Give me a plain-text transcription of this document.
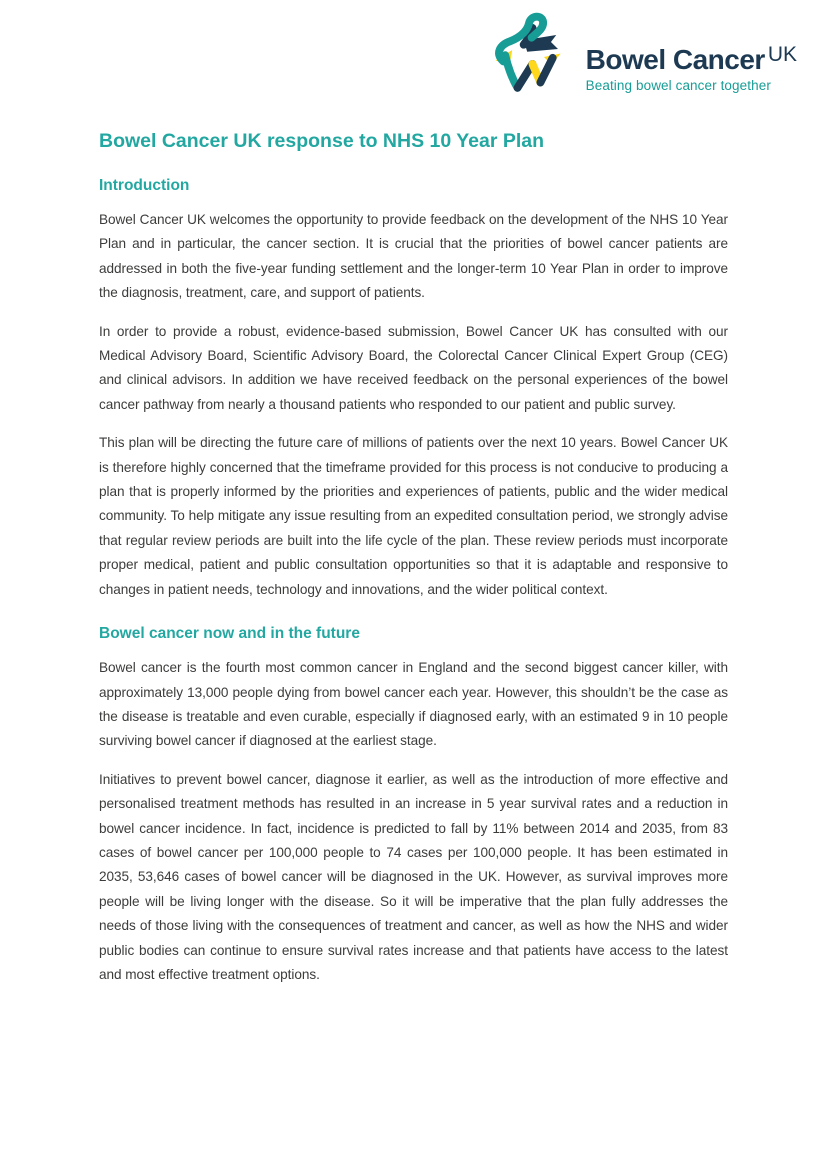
Bowel Cancer UK
Beating bowel cancer together
Bowel Cancer UK response to NHS 10 Year Plan
Introduction

Bowel Cancer UK welcomes the opportunity to provide feedback on the development of the NHS 10 Year Plan and in particular, the cancer section. It is crucial that the priorities of bowel cancer patients are addressed in both the five-year funding settlement and the longer-term 10 Year Plan in order to improve the diagnosis, treatment, care, and support of patients.

In order to provide a robust, evidence-based submission, Bowel Cancer UK has consulted with our Medical Advisory Board, Scientific Advisory Board, the Colorectal Cancer Clinical Expert Group (CEG) and clinical advisors. In addition we have received feedback on the personal experiences of the bowel cancer pathway from nearly a thousand patients who responded to our patient and public survey.

This plan will be directing the future care of millions of patients over the next 10 years. Bowel Cancer UK is therefore highly concerned that the timeframe provided for this process is not conducive to producing a plan that is properly informed by the priorities and experiences of patients, public and the wider medical community. To help mitigate any issue resulting from an expedited consultation period, we strongly advise that regular review periods are built into the life cycle of the plan. These review periods must incorporate proper medical, patient and public consultation opportunities so that it is adaptable and responsive to changes in patient needs, technology and innovations, and the wider political context.

Bowel cancer now and in the future

Bowel cancer is the fourth most common cancer in England and the second biggest cancer killer, with approximately 13,000 people dying from bowel cancer each year. However, this shouldn’t be the case as the disease is treatable and even curable, especially if diagnosed early, with an estimated 9 in 10 people surviving bowel cancer if diagnosed at the earliest stage.

Initiatives to prevent bowel cancer, diagnose it earlier, as well as the introduction of more effective and personalised treatment methods has resulted in an increase in 5 year survival rates and a reduction in bowel cancer incidence. In fact, incidence is predicted to fall by 11% between 2014 and 2035, from 83 cases of bowel cancer per 100,000 people to 74 cases per 100,000 people. It has been estimated in 2035, 53,646 cases of bowel cancer will be diagnosed in the UK. However, as survival improves more people will be living longer with the disease. So it will be imperative that the plan fully addresses the needs of those living with the consequences of treatment and cancer, as well as how the NHS and wider public bodies can continue to ensure survival rates increase and that patients have access to the latest and most effective treatment options.
